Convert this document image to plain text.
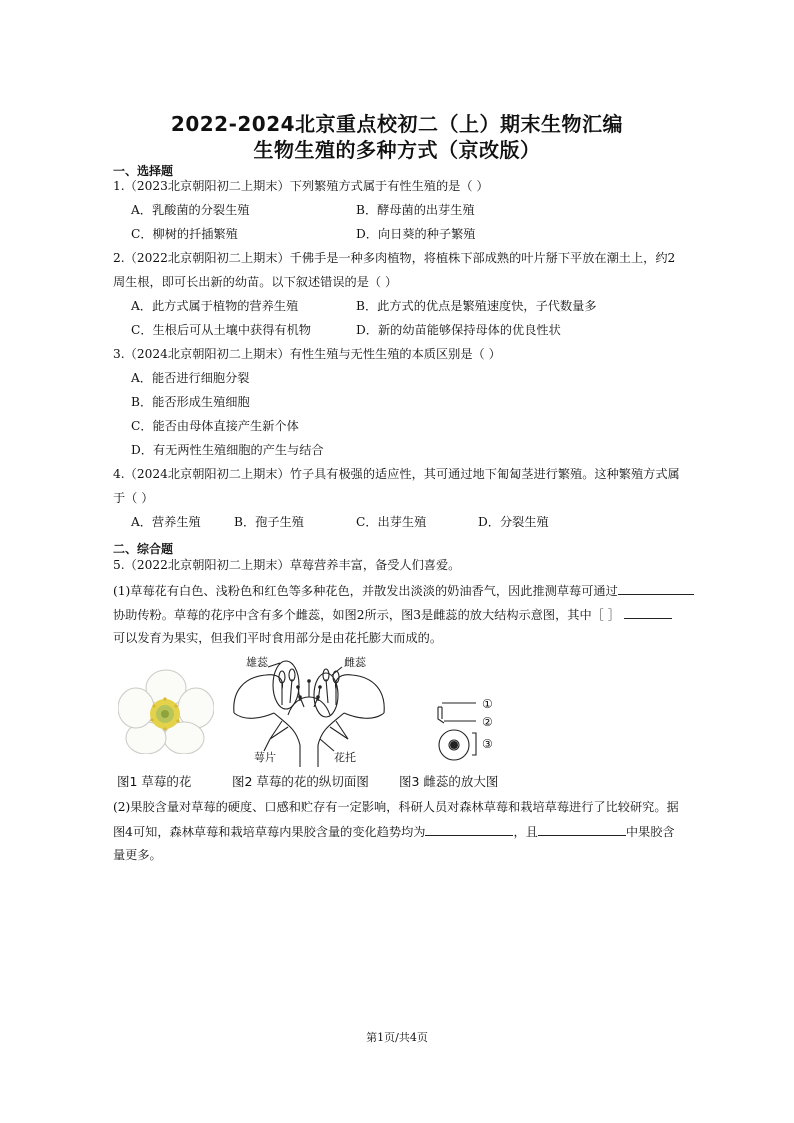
2022-2024北京重点校初二（上）期末生物汇编
生物生殖的多种方式（京改版）
一、选择题
1.（2023北京朝阳初二上期末）下列繁殖方式属于有性生殖的是（ ）
A．乳酸菌的分裂生殖	B．酵母菌的出芽生殖
C．柳树的扦插繁殖	D．向日葵的种子繁殖
2.（2022北京朝阳初二上期末）千佛手是一种多肉植物，将植株下部成熟的叶片掰下平放在潮土上，约2
周生根，即可长出新的幼苗。以下叙述错误的是（ ）
A．此方式属于植物的营养生殖	B．此方式的优点是繁殖速度快，子代数量多
C．生根后可从土壤中获得有机物	D．新的幼苗能够保持母体的优良性状
3.（2024北京朝阳初二上期末）有性生殖与无性生殖的本质区别是（ ）
A．能否进行细胞分裂
B．能否形成生殖细胞
C．能否由母体直接产生新个体
D．有无两性生殖细胞的产生与结合
4.（2024北京朝阳初二上期末）竹子具有极强的适应性，其可通过地下匍匐茎进行繁殖。这种繁殖方式属
于（ ）
A．营养生殖	B．孢子生殖	C．出芽生殖	D．分裂生殖
二、综合题
5.（2022北京朝阳初二上期末）草莓营养丰富，备受人们喜爱。
(1)草莓花有白色、浅粉色和红色等多种花色，并散发出淡淡的奶油香气，因此推测草莓可通过
协助传粉。草莓的花序中含有多个雌蕊，如图2所示，图3是雌蕊的放大结构示意图，其中［ ］
可以发育为果实，但我们平时食用部分是由花托膨大而成的。
雄蕊	雌蕊
萼片	花托
①
②
③
图1 草莓的花	图2 草莓的花的纵切面图 图3 雌蕊的放大图
(2)果胶含量对草莓的硬度、口感和贮存有一定影响，科研人员对森林草莓和栽培草莓进行了比较研究。据
图4可知，森林草莓和栽培草莓内果胶含量的变化趋势均为	，且	中果胶含
量更多。
第1页/共4页
